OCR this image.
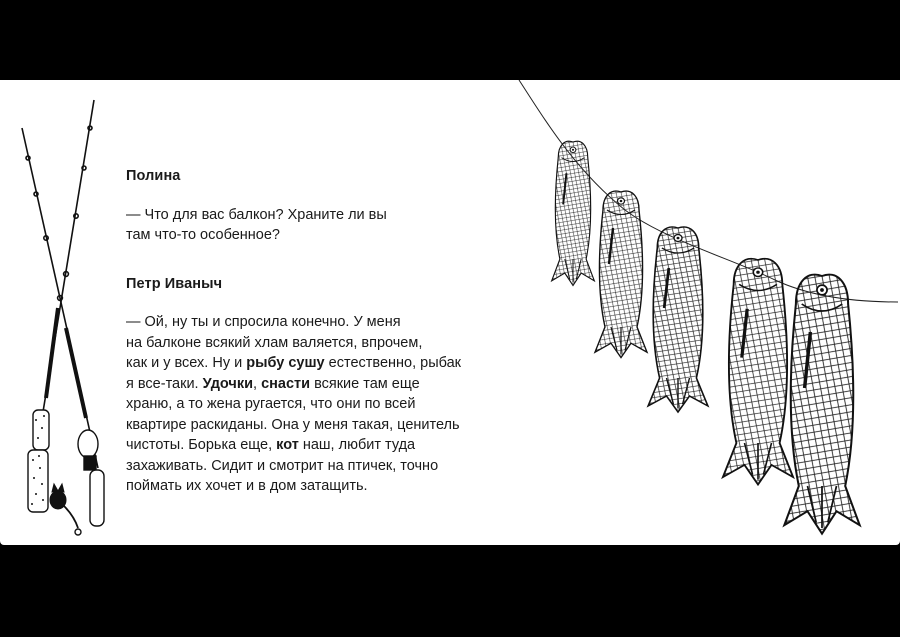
Полина
— Что для вас балкон? Храните ли вы
там что-то особенное?
Петр Иваныч
— Ой, ну ты и спросила конечно. У меня
на балконе всякий хлам валяется, впрочем,
как и у всех. Ну и рыбу сушу естественно, рыбак
я все-таки. Удочки, снасти всякие там еще
храню, а то жена ругается, что они по всей
квартире раскиданы. Она у меня такая, ценитель
чистоты. Борька еще, кот наш, любит туда
захаживать. Сидит и смотрит на птичек, точно
поймать их хочет и в дом затащить.
